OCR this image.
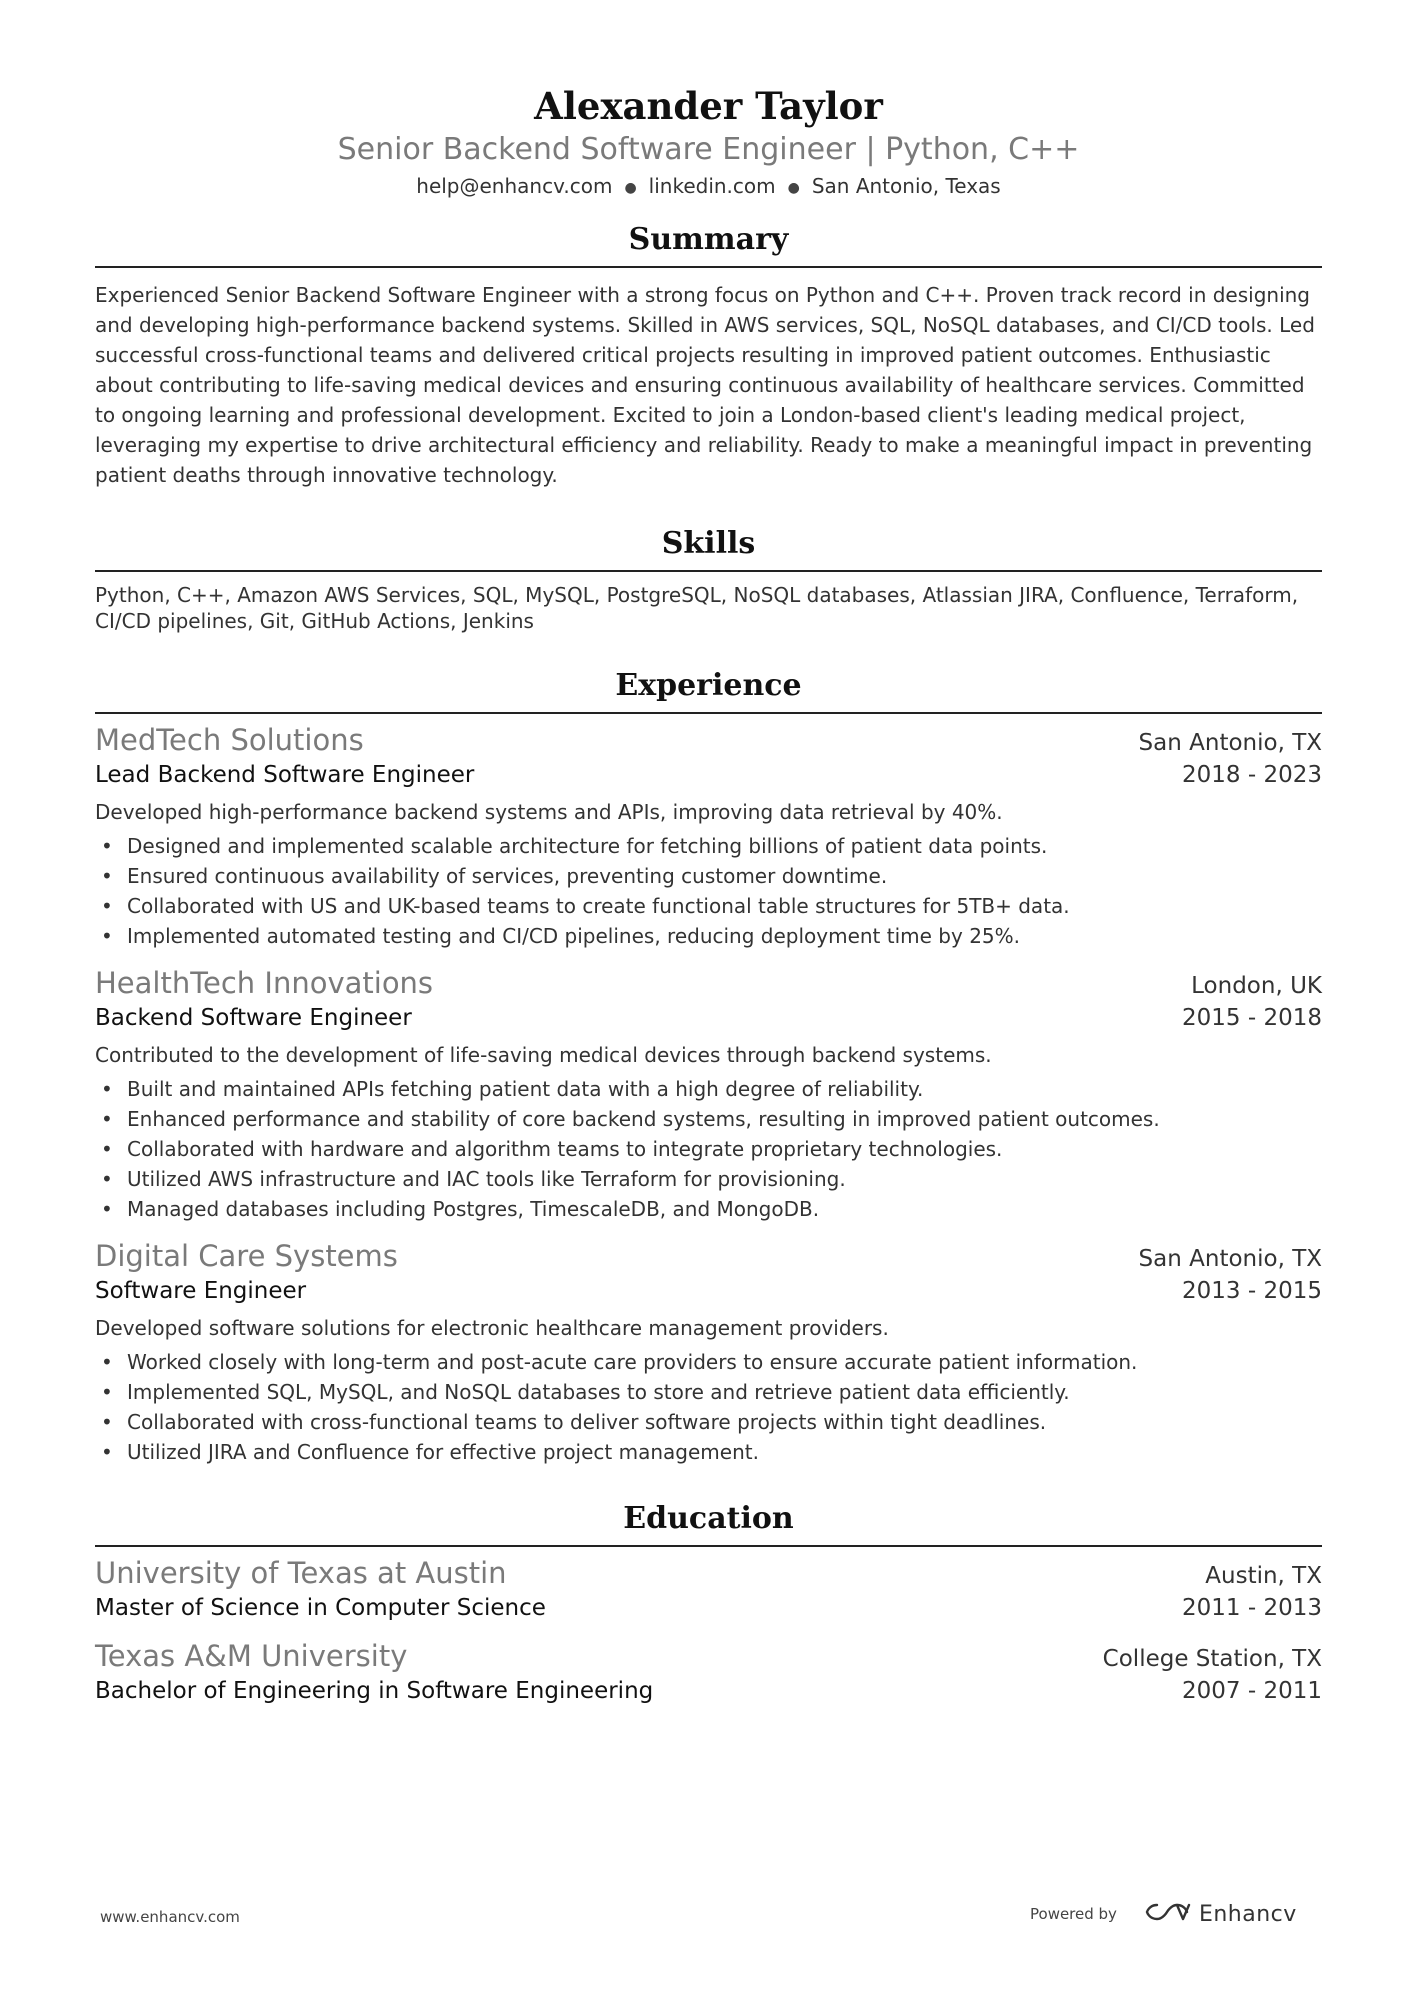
Alexander Taylor
Senior Backend Software Engineer | Python, C++
help@enhancv.com ● linkedin.com ● San Antonio, Texas
Summary
Experienced Senior Backend Software Engineer with a strong focus on Python and C++. Proven track record in designing and developing high-performance backend systems. Skilled in AWS services, SQL, NoSQL databases, and CI/CD tools. Led successful cross-functional teams and delivered critical projects resulting in improved patient outcomes. Enthusiastic about contributing to life-saving medical devices and ensuring continuous availability of healthcare services. Committed to ongoing learning and professional development. Excited to join a London-based client's leading medical project, leveraging my expertise to drive architectural efficiency and reliability. Ready to make a meaningful impact in preventing patient deaths through innovative technology.
Skills
Python, C++, Amazon AWS Services, SQL, MySQL, PostgreSQL, NoSQL databases, Atlassian JIRA, Confluence, Terraform, CI/CD pipelines, Git, GitHub Actions, Jenkins
Experience
MedTech Solutions	San Antonio, TX
Lead Backend Software Engineer	2018 - 2023
Developed high-performance backend systems and APIs, improving data retrieval by 40%.
• Designed and implemented scalable architecture for fetching billions of patient data points.
• Ensured continuous availability of services, preventing customer downtime.
• Collaborated with US and UK-based teams to create functional table structures for 5TB+ data.
• Implemented automated testing and CI/CD pipelines, reducing deployment time by 25%.
HealthTech Innovations	London, UK
Backend Software Engineer	2015 - 2018
Contributed to the development of life-saving medical devices through backend systems.
• Built and maintained APIs fetching patient data with a high degree of reliability.
• Enhanced performance and stability of core backend systems, resulting in improved patient outcomes.
• Collaborated with hardware and algorithm teams to integrate proprietary technologies.
• Utilized AWS infrastructure and IAC tools like Terraform for provisioning.
• Managed databases including Postgres, TimescaleDB, and MongoDB.
Digital Care Systems	San Antonio, TX
Software Engineer	2013 - 2015
Developed software solutions for electronic healthcare management providers.
• Worked closely with long-term and post-acute care providers to ensure accurate patient information.
• Implemented SQL, MySQL, and NoSQL databases to store and retrieve patient data efficiently.
• Collaborated with cross-functional teams to deliver software projects within tight deadlines.
• Utilized JIRA and Confluence for effective project management.
Education
University of Texas at Austin	Austin, TX
Master of Science in Computer Science	2011 - 2013
Texas A&M University	College Station, TX
Bachelor of Engineering in Software Engineering	2007 - 2011
www.enhancv.com	Powered by	Enhancv
